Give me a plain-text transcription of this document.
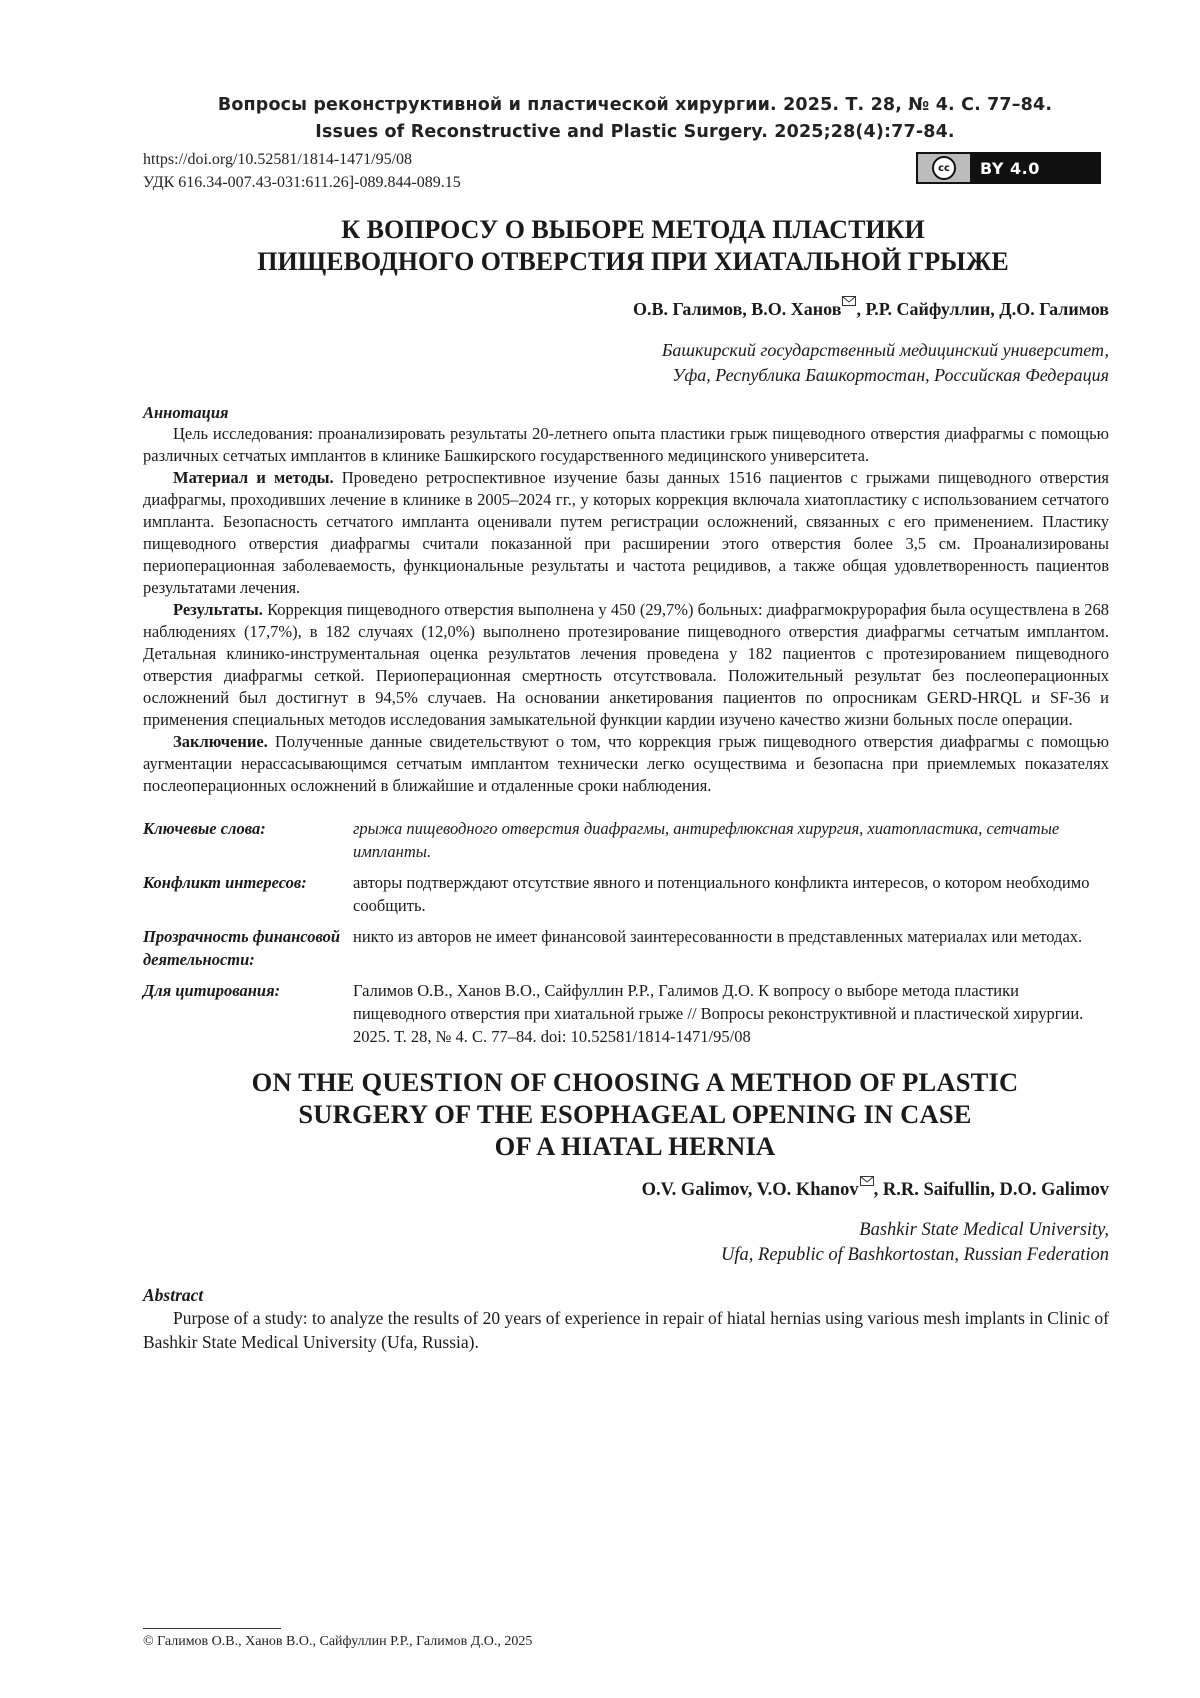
Вопросы реконструктивной и пластической хирургии. 2025. Т. 28, № 4. С. 77–84.
Issues of Reconstructive and Plastic Surgery. 2025;28(4):77-84.
https://doi.org/10.52581/1814-1471/95/08
УДК 616.34-007.43-031:611.26]-089.844-089.15
cc	BY 4.0
К ВОПРОСУ О ВЫБОРЕ МЕТОДА ПЛАСТИКИ
ПИЩЕВОДНОГО ОТВЕРСТИЯ ПРИ ХИАТАЛЬНОЙ ГРЫЖЕ
О.В. Галимов, В.О. Ханов , Р.Р. Сайфуллин, Д.О. Галимов
Башкирский государственный медицинский университет,
Уфа, Республика Башкортостан, Российская Федерация
Аннотация

Цель исследования: проанализировать результаты 20-летнего опыта пластики грыж пищеводного отверстия диафрагмы с помощью различных сетчатых имплантов в клинике Башкирского государственного медицинского университета.

Материал и методы. Проведено ретроспективное изучение базы данных 1516 пациентов с грыжами пищеводного отверстия диафрагмы, проходивших лечение в клинике в 2005–2024 гг., у которых коррекция включала хиатопластику с использованием сетчатого импланта. Безопасность сетчатого импланта оценивали путем регистрации осложнений, связанных с его применением. Пластику пищеводного отверстия диафрагмы считали показанной при расширении этого отверстия более 3,5 см. Проанализированы периоперационная заболеваемость, функциональные результаты и частота рецидивов, а также общая удовлетворенность пациентов результатами лечения.

Результаты. Коррекция пищеводного отверстия выполнена у 450 (29,7%) больных: диафрагмокрурорафия была осуществлена в 268 наблюдениях (17,7%), в 182 случаях (12,0%) выполнено протезирование пищеводного отверстия диафрагмы сетчатым имплантом. Детальная клинико-инструментальная оценка результатов лечения проведена у 182 пациентов с протезированием пищеводного отверстия диафрагмы сеткой. Периоперационная смертность отсутствовала. Положительный результат без послеоперационных осложнений был достигнут в 94,5% случаев. На основании анкетирования пациентов по опросникам GERD-HRQL и SF-36 и применения специальных методов исследования замыкательной функции кардии изучено качество жизни больных после операции.

Заключение. Полученные данные свидетельствуют о том, что коррекция грыж пищеводного отверстия диафрагмы с помощью аугментации нерассасывающимся сетчатым имплантом технически легко осуществима и безопасна при приемлемых показателях послеоперационных осложнений в ближайшие и отдаленные сроки наблюдения.

Ключевые слова:	грыжа пищеводного отверстия диафрагмы, антирефлюксная хирургия, хиатопластика, сетчатые импланты.
Конфликт интересов:	авторы подтверждают отсутствие явного и потенциального конфликта интересов, о котором необходимо сообщить.
Прозрачность финансовой деятельности:	никто из авторов не имеет финансовой заинтересованности в представленных материалах или методах.
Для цитирования:	Галимов О.В., Ханов В.О., Сайфуллин Р.Р., Галимов Д.О. К вопросу о выборе метода пластики пищеводного отверстия при хиатальной грыже // Вопросы реконструктивной и пластической хирургии. 2025. Т. 28, № 4. С. 77–84. doi: 10.52581/1814-1471/95/08
ON THE QUESTION OF CHOOSING A METHOD OF PLASTIC
SURGERY OF THE ESOPHAGEAL OPENING IN CASE
OF A HIATAL HERNIA
O.V. Galimov, V.O. Khanov , R.R. Saifullin, D.O. Galimov
Bashkir State Medical University,
Ufa, Republic of Bashkortostan, Russian Federation
Abstract

Purpose of a study: to analyze the results of 20 years of experience in repair of hiatal hernias using various mesh implants in Clinic of Bashkir State Medical University (Ufa, Russia).

© Галимов О.В., Ханов В.О., Сайфуллин Р.Р., Галимов Д.О., 2025
